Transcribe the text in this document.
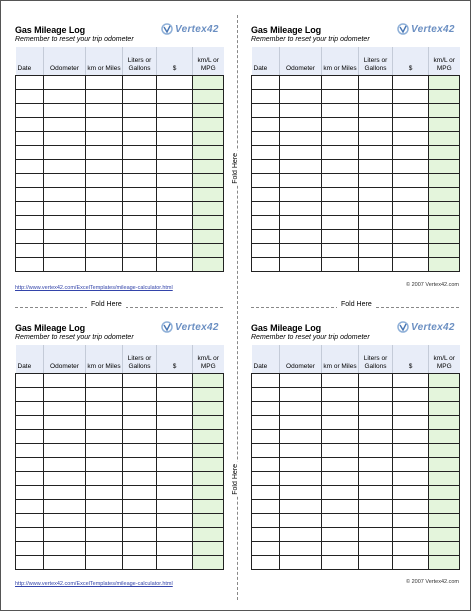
Fold Here	Fold Here
Fold Here
Fold Here
Gas Mileage Log
Remember to reset your trip odometer
Vertex42
Date	Odometer	km or Miles	Liters or Gallons	$	km/L or MPG

http://www.vertex42.com/ExcelTemplates/mileage-calculator.html
Gas Mileage Log
Remember to reset your trip odometer
Vertex42
Date	Odometer	km or Miles	Liters or Gallons	$	km/L or MPG

© 2007 Vertex42.com
Gas Mileage Log
Remember to reset your trip odometer
Vertex42
Date	Odometer	km or Miles	Liters or Gallons	$	km/L or MPG

http://www.vertex42.com/ExcelTemplates/mileage-calculator.html
Gas Mileage Log
Remember to reset your trip odometer
Vertex42
Date	Odometer	km or Miles	Liters or Gallons	$	km/L or MPG

© 2007 Vertex42.com
